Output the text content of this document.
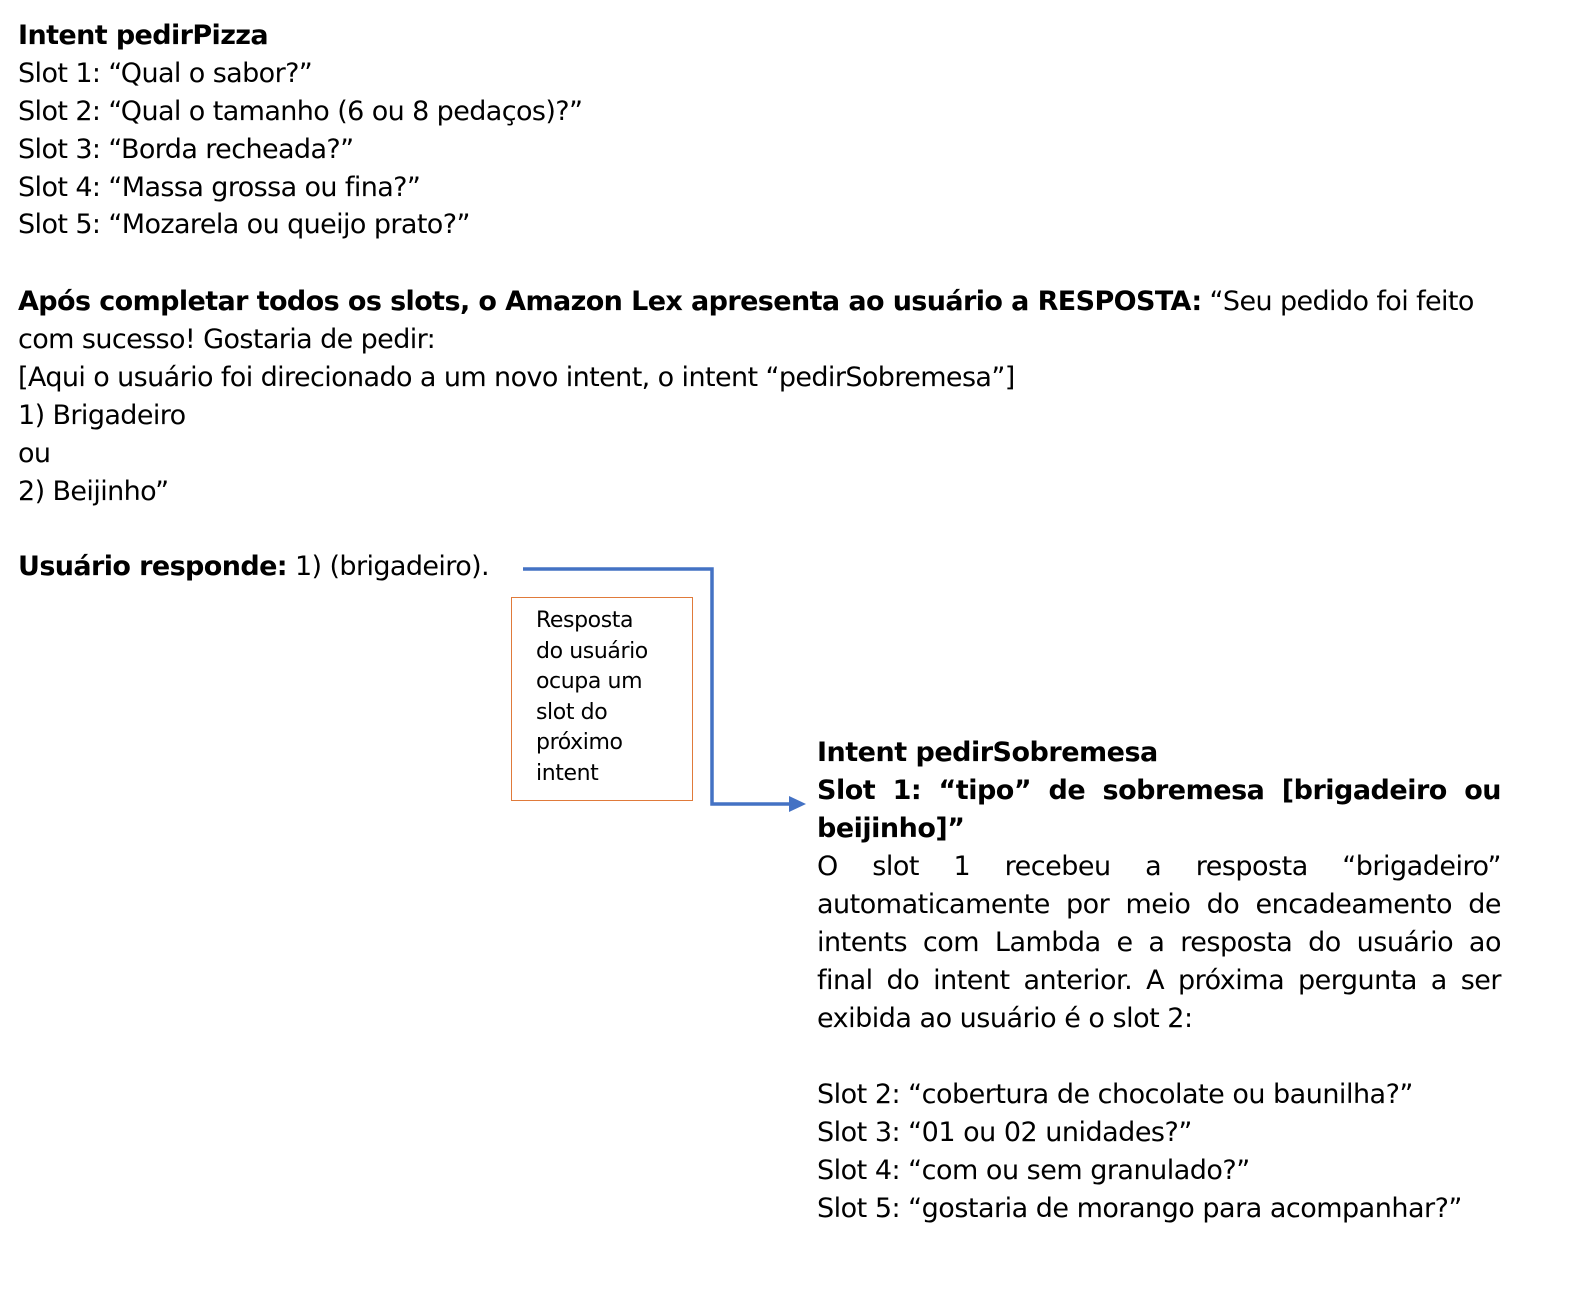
Intent pedirPizza
Slot 1: “Qual o sabor?”
Slot 2: “Qual o tamanho (6 ou 8 pedaços)?”
Slot 3: “Borda recheada?”
Slot 4: “Massa grossa ou fina?”
Slot 5: “Mozarela ou queijo prato?”
Após completar todos os slots, o Amazon Lex apresenta ao usuário a RESPOSTA: “Seu pedido foi feito
com sucesso! Gostaria de pedir:
[Aqui o usuário foi direcionado a um novo intent, o intent “pedirSobremesa”]
1) Brigadeiro
ou
2) Beijinho”
Usuário responde: 1) (brigadeiro).
Resposta
do usuário
ocupa um
slot do
próximo
intent
Intent pedirSobremesa
Slot 1: “tipo” de sobremesa [brigadeiro ou beijinho]”
O slot 1 recebeu a resposta “brigadeiro” automaticamente por meio do encadeamento de intents com Lambda e a resposta do usuário ao final do intent anterior. A próxima pergunta a ser exibida ao usuário é o slot 2:
Slot 2: “cobertura de chocolate ou baunilha?”
Slot 3: “01 ou 02 unidades?”
Slot 4: “com ou sem granulado?”
Slot 5: “gostaria de morango para acompanhar?”
